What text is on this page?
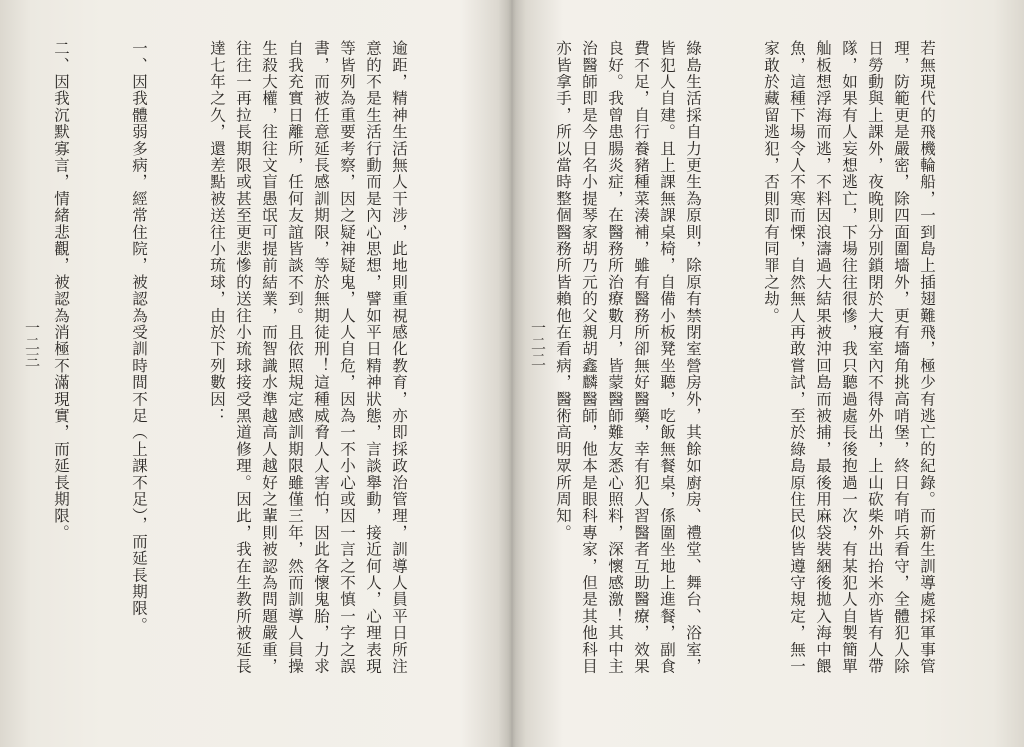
一二三

	逾距，精神生活無人干涉，此地則重視感化教育，亦即採政治管理，訓導人員平日所注意的不是生活行動而是內心思想，譬如平日精神狀態，言談舉動，接近何人，心理表現等皆列為重要考察，因之疑神疑鬼，人人自危，因為一不小心或因一言之不慎一字之誤書，而被任意延長感訓期限，等於無期徒刑！這種威脅人人害怕，因此各懷鬼胎，力求自我充實日離所，任何友誼皆談不到。且依照規定感訓期限雖僅三年，然而訓導人員操生殺大權，往往文盲愚氓可提前結業，而智識水準越高人越好之輩則被認為問題嚴重，往往一再拉長期限或甚至更悲慘的送往小琉球接受黑道修理。因此，我在生教所被延長達七年之久，還差點被送往小琉球，由於下列數因：

一、因我體弱多病，經常住院，被認為受訓時間不足（上課不足），而延長期限。

二、因我沉默寡言，情緒悲觀，被認為消極不滿現實，而延長期限。

	一二二

	若無現代的飛機輪船，一到島上插翅難飛，極少有逃亡的紀錄。而新生訓導處採軍事管理，防範更是嚴密，除四面圍墻外，更有墻角挑高哨堡，終日有哨兵看守，全體犯人除日勞動與上課外，夜晚則分別鎖閉於大寢室內不得外出，上山砍柴外出抬米亦皆有人帶隊，如果有人妄想逃亡，下場往往很慘，我只聽過處長後抱過一次，有某犯人自製簡單舢板想浮海而逃，不料因浪濤過大結果被沖回島而被捕，最後用麻袋裝綑後拋入海中餵魚，這種下場令人不寒而慄，自然無人再敢嘗試，至於綠島原住民似皆遵守規定，無一家敢於藏留逃犯，否則即有同罪之劫。

綠島生活採自力更生為原則，除原有禁閉室營房外，其餘如廚房、禮堂、舞台、浴室，皆犯人自建。且上課無課桌椅，自備小板凳坐聽，吃飯無餐桌，係圍坐地上進餐，副食費不足，自行養豬種菜湊補，雖有醫務所卻無好醫藥，幸有犯人習醫者互助醫療，效果良好。我曾患腸炎症，在醫務所治療數月，皆蒙醫師難友悉心照料，深懷感激！其中主治醫師即是今日名小提琴家胡乃元的父親胡鑫麟醫師，他本是眼科專家，但是其他科目亦皆拿手，所以當時整個醫務所皆賴他在看病，醫術高明眾所周知。
